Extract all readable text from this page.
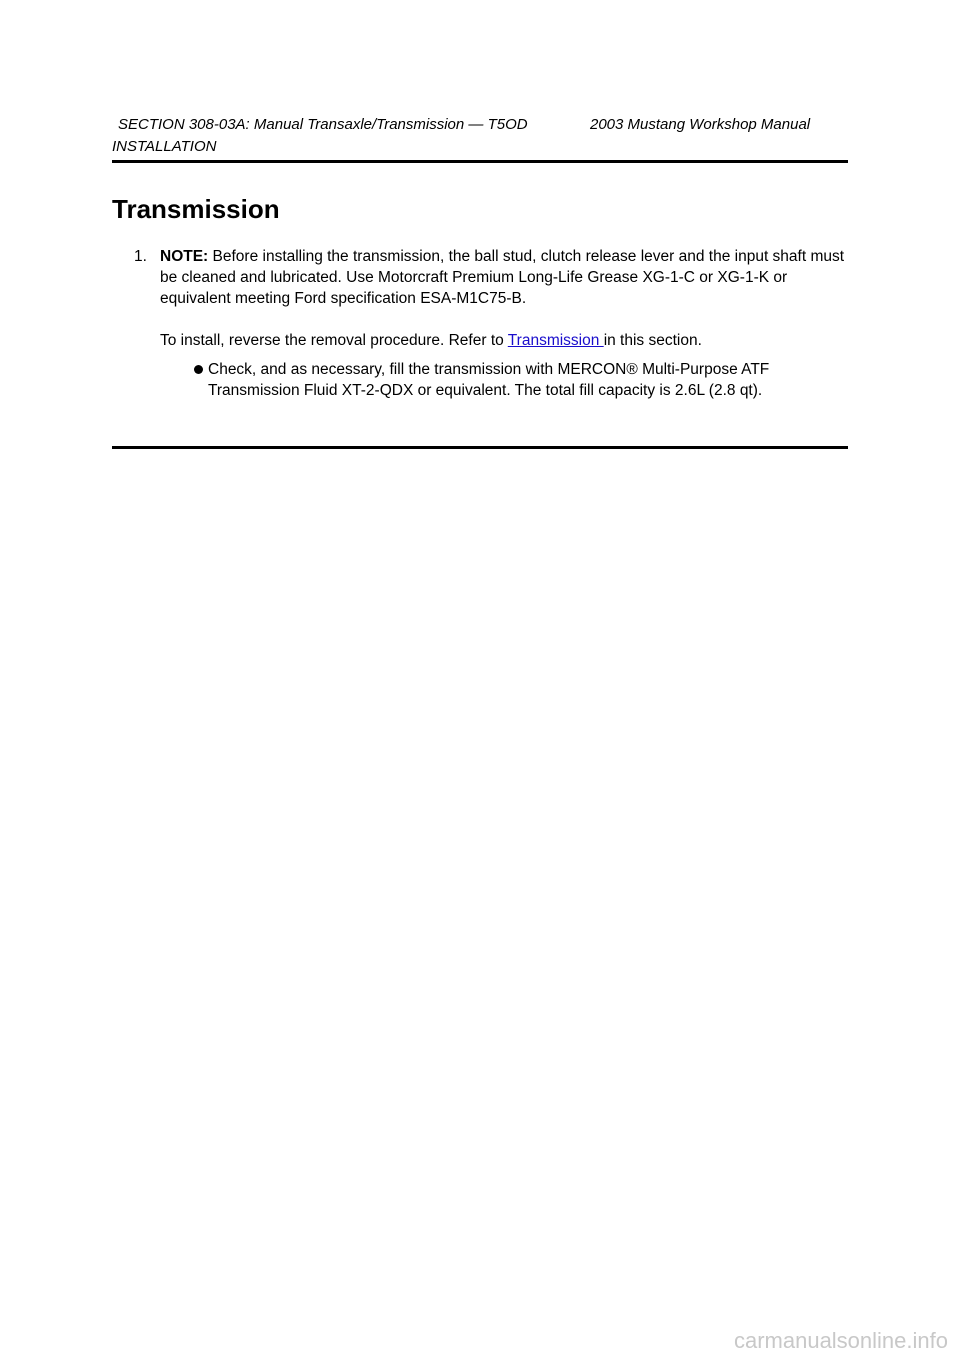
SECTION 308-03A: Manual Transaxle/Transmission — T5OD	2003 Mustang Workshop Manual
INSTALLATION
Transmission
1. NOTE: Before installing the transmission, the ball stud, clutch release lever and the input shaft must be cleaned and lubricated. Use Motorcraft Premium Long-Life Grease XG-1-C or XG-1-K or equivalent meeting Ford specification ESA-M1C75-B.

To install, reverse the removal procedure. Refer to Transmission in this section.

Check, and as necessary, fill the transmission with MERCON® Multi-Purpose ATF Transmission Fluid XT-2-QDX or equivalent. The total fill capacity is 2.6L (2.8 qt).
carmanualsonline.info
